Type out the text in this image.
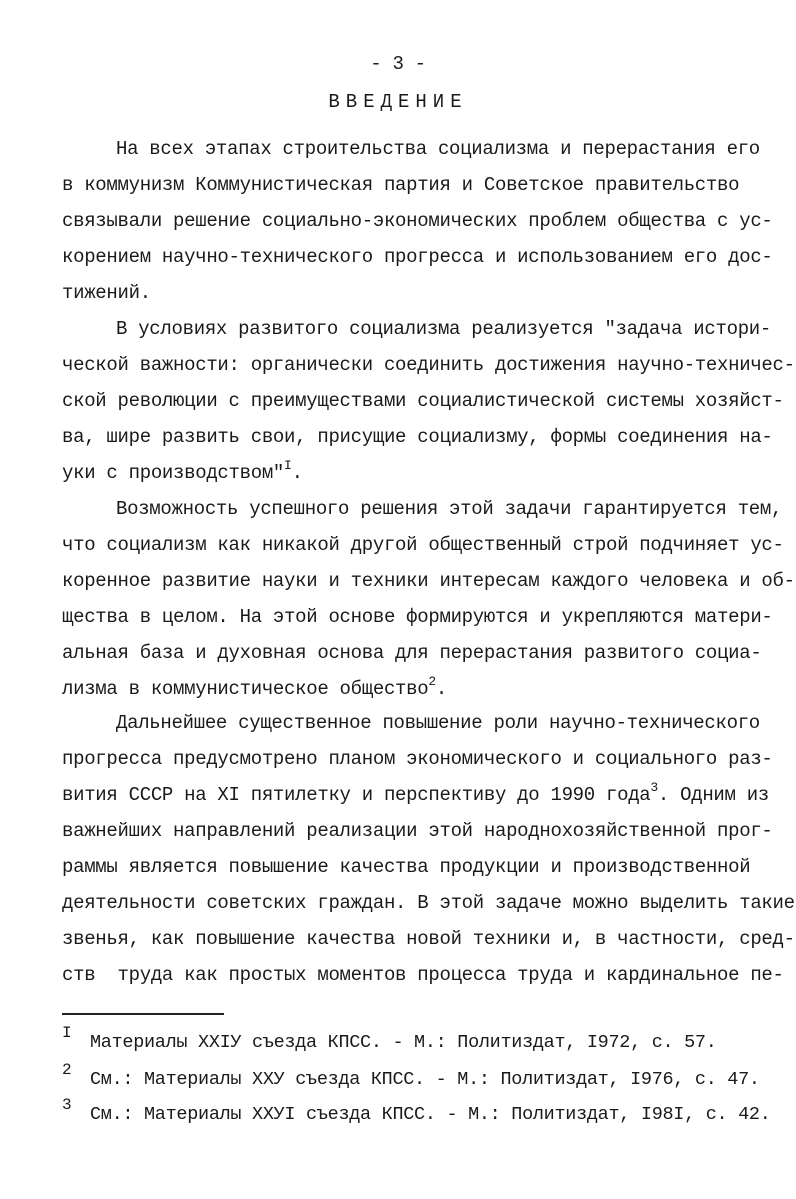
- 3 -

ВВЕДЕНИЕ

На всех этапах строительства социализма и перерастания его

в коммунизм Коммунистическая партия и Советское правительство

связывали решение социально-экономических проблем общества с ус-

корением научно-технического прогресса и использованием его дос-

тижений.

В условиях развитого социализма реализуется "задача истори-

ческой важности: органически соединить достижения научно-техничес-

ской революции с преимуществами социалистической системы хозяйст-

ва, шире развить свои, присущие социализму, формы соединения на-

уки с производством"$^I$.

Возможность успешного решения этой задачи гарантируется тем,

что социализм как никакой другой общественный строй подчиняет ус-

коренное развитие науки и техники интересам каждого человека и об-

щества в целом. На этой основе формируются и укрепляются матери-

альная база и духовная основа для перерастания развитого социа-

лизма в коммунистическое общество$^2$.

Дальнейшее существенное повышение роли научно-технического

прогресса предусмотрено планом экономического и социального раз-

вития СССР на XI пятилетку и перспективу до 1990 года$^3$. Одним из

важнейших направлений реализации этой народнохозяйственной прог-

раммы является повышение качества продукции и производственной

деятельности советских граждан. В этой задаче можно выделить такие

звенья, как повышение качества новой техники и, в частности, сред-

ств  труда как простых моментов процесса труда и кардинальное пе-

I

Материалы XXIУ съезда КПСС. - М.: Политиздат, I972, с. 57.

2

См.: Материалы XXУ съезда КПСС. - М.: Политиздат, I976, с. 47.

3

См.: Материалы XXУI съезда КПСС. - М.: Политиздат, I98I, с. 42.
